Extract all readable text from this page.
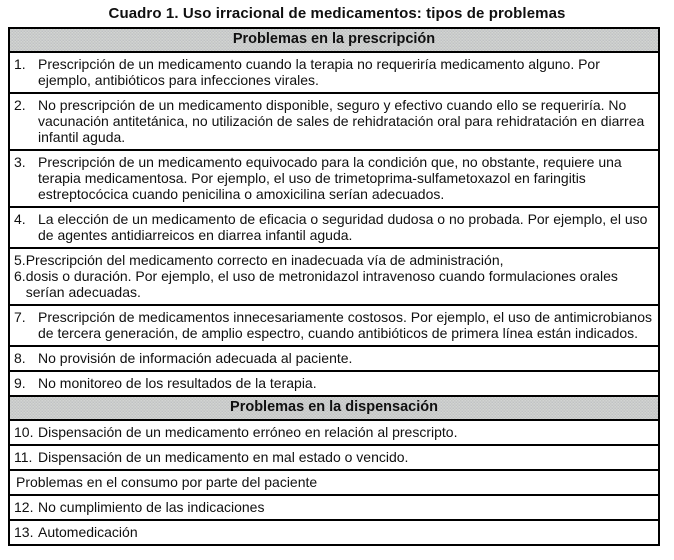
Cuadro 1. Uso irracional de medicamentos: tipos de problemas
Problemas en la prescripción
1. Prescripción de un medicamento cuando la terapia no requeriría medicamento alguno. Por ejemplo, antibióticos para infecciones virales.
2. No prescripción de un medicamento disponible, seguro y efectivo cuando ello se requeriría. No vacunación antitetánica, no utilización de sales de rehidratación oral para rehidratación en diarrea infantil aguda.
3. Prescripción de un medicamento equivocado para la condición que, no obstante, requiere una terapia medicamentosa. Por ejemplo, el uso de trimetoprima-sulfametoxazol en faringitis estreptocócica cuando penicilina o amoxicilina serían adecuados.
4. La elección de un medicamento de eficacia o seguridad dudosa o no probada. Por ejemplo, el uso de agentes antidiarreicos en diarrea infantil aguda.
5. Prescripción del medicamento correcto en inadecuada vía de administración,
6. dosis o duración. Por ejemplo, el uso de metronidazol intravenoso cuando formulaciones orales serían adecuadas.
7. Prescripción de medicamentos innecesariamente costosos. Por ejemplo, el uso de antimicrobianos de tercera generación, de amplio espectro, cuando antibióticos de primera línea están indicados.
8. No provisión de información adecuada al paciente.
9. No monitoreo de los resultados de la terapia.
Problemas en la dispensación
10. Dispensación de un medicamento erróneo en relación al prescripto.
11. Dispensación de un medicamento en mal estado o vencido.
Problemas en el consumo por parte del paciente
12. No cumplimiento de las indicaciones
13. Automedicación
